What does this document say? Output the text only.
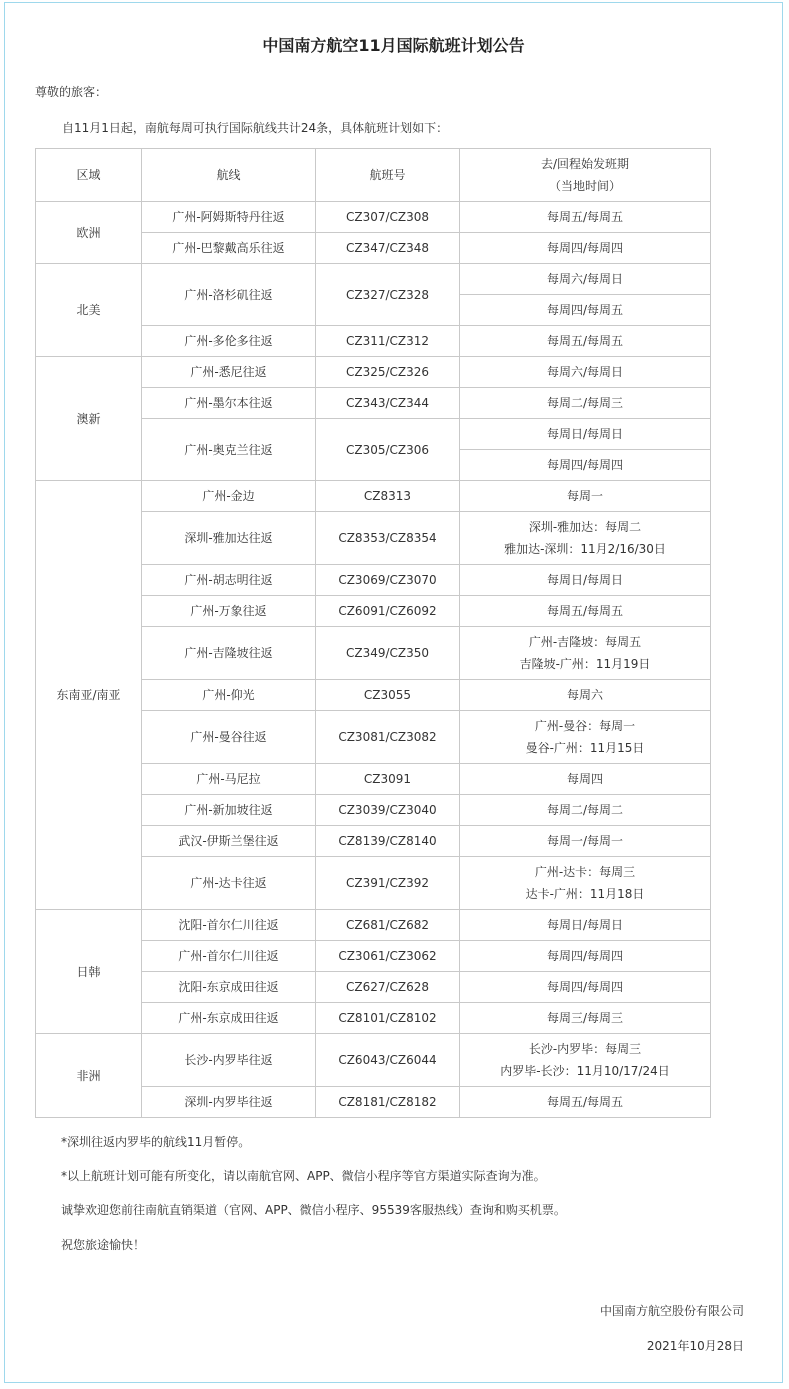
中国南方航空11月国际航班计划公告
尊敬的旅客：
自11月1日起，南航每周可执行国际航线共计24条，具体航班计划如下：
区域	航线	航班号	去/回程始发班期
（当地时间）

欧洲	广州-阿姆斯特丹往返	CZ307/CZ308	每周五/每周五
	广州-巴黎戴高乐往返	CZ347/CZ348	每周四/每周四
北美	广州-洛杉矶往返	CZ327/CZ328	每周六/每周日
			每周四/每周五
	广州-多伦多往返	CZ311/CZ312	每周五/每周五
澳新	广州-悉尼往返	CZ325/CZ326	每周六/每周日
	广州-墨尔本往返	CZ343/CZ344	每周二/每周三
	广州-奥克兰往返	CZ305/CZ306	每周日/每周日
			每周四/每周四
东南亚/南亚	广州-金边	CZ8313	每周一
	深圳-雅加达往返	CZ8353/CZ8354	深圳-雅加达：每周二
雅加达-深圳：11月2/16/30日

	广州-胡志明往返	CZ3069/CZ3070	每周日/每周日
	广州-万象往返	CZ6091/CZ6092	每周五/每周五
	广州-吉隆坡往返	CZ349/CZ350	广州-吉隆坡：每周五
吉隆坡-广州：11月19日

	广州-仰光	CZ3055	每周六
	广州-曼谷往返	CZ3081/CZ3082	广州-曼谷：每周一
曼谷-广州：11月15日

	广州-马尼拉	CZ3091	每周四
	广州-新加坡往返	CZ3039/CZ3040	每周二/每周二
	武汉-伊斯兰堡往返	CZ8139/CZ8140	每周一/每周一
	广州-达卡往返	CZ391/CZ392	广州-达卡：每周三
达卡-广州：11月18日

日韩	沈阳-首尔仁川往返	CZ681/CZ682	每周日/每周日
	广州-首尔仁川往返	CZ3061/CZ3062	每周四/每周四
	沈阳-东京成田往返	CZ627/CZ628	每周四/每周四
	广州-东京成田往返	CZ8101/CZ8102	每周三/每周三
非洲	长沙-内罗毕往返	CZ6043/CZ6044	长沙-内罗毕：每周三
内罗毕-长沙：11月10/17/24日

	深圳-内罗毕往返	CZ8181/CZ8182	每周五/每周五
*深圳往返内罗毕的航线11月暂停。
*以上航班计划可能有所变化，请以南航官网、APP、微信小程序等官方渠道实际查询为准。
诚挚欢迎您前往南航直销渠道（官网、APP、微信小程序、95539客服热线）查询和购买机票。
祝您旅途愉快！
中国南方航空股份有限公司
2021年10月28日
